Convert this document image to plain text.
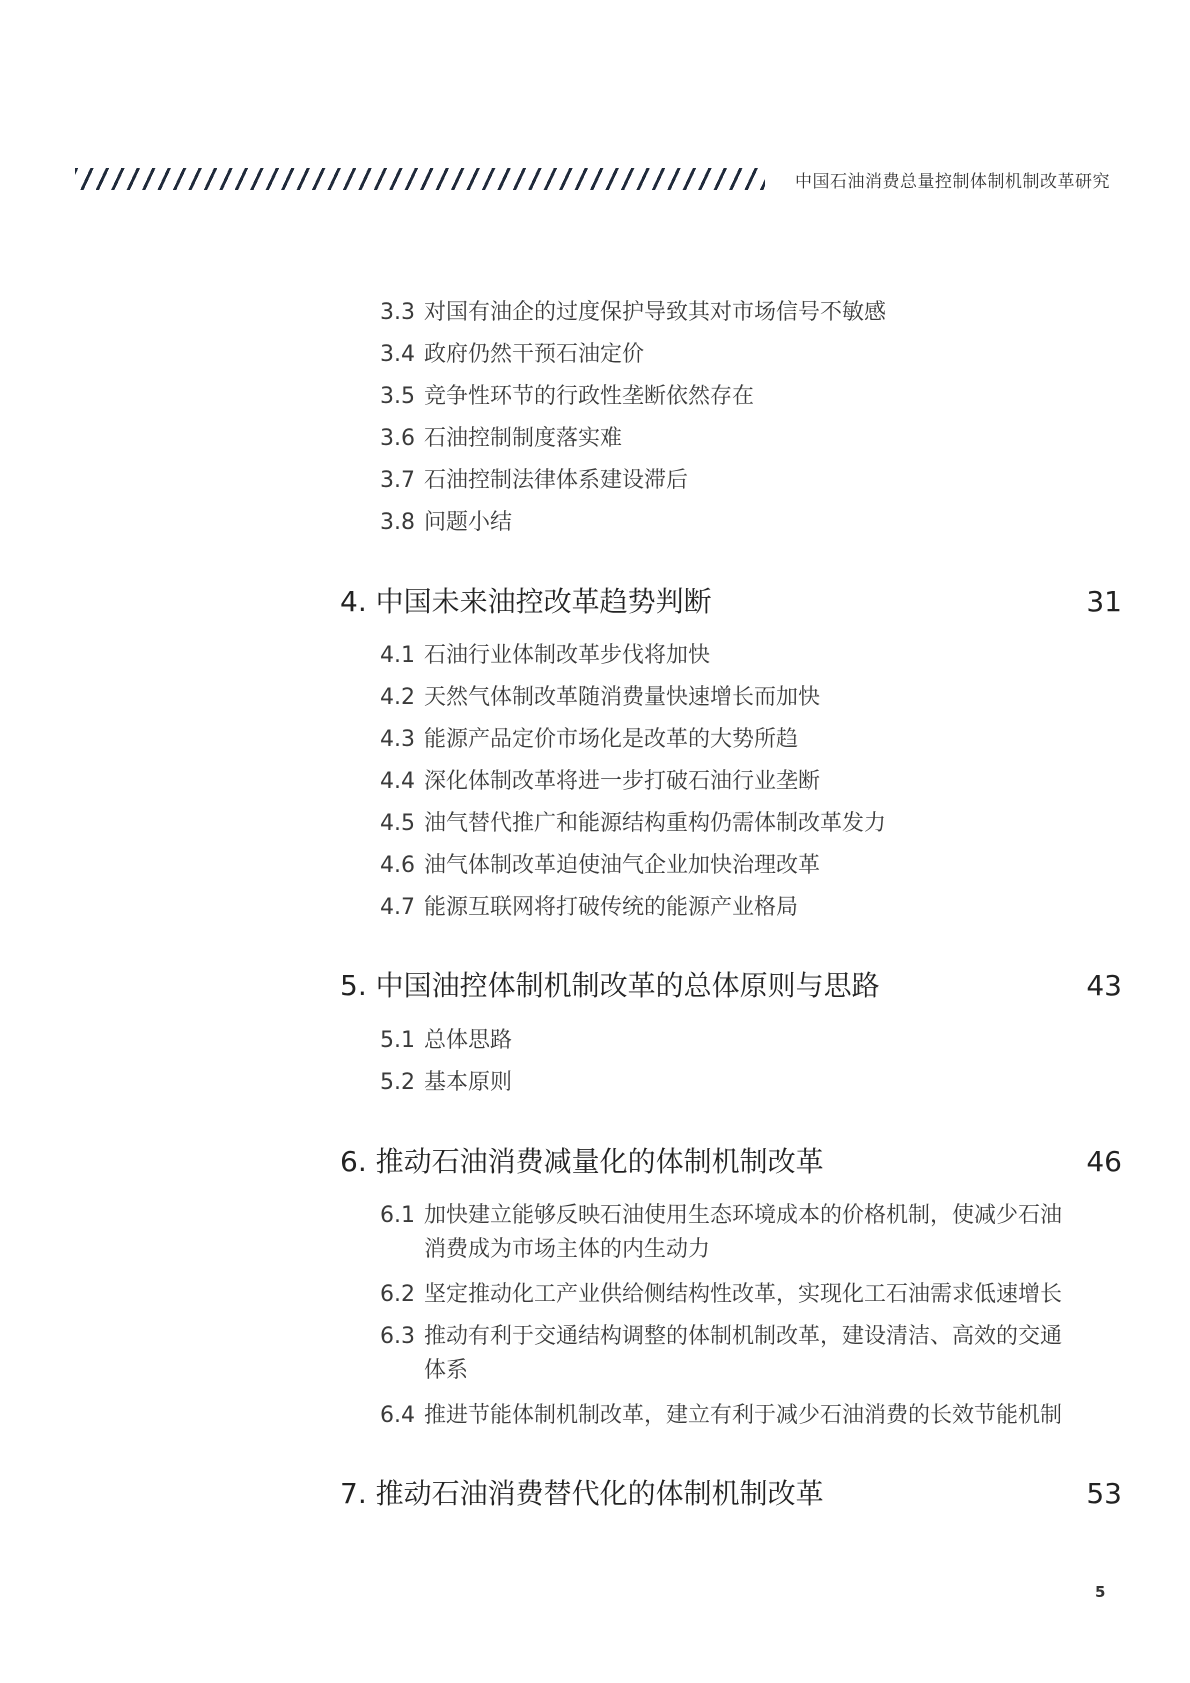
中国石油消费总量控制体制机制改革研究
3.3 对国有油企的过度保护导致其对市场信号不敏感
3.4 政府仍然干预石油定价
3.5 竞争性环节的行政性垄断依然存在
3.6 石油控制制度落实难
3.7 石油控制法律体系建设滞后
3.8 问题小结
4. 中国未来油控改革趋势判断	31
4.1 石油行业体制改革步伐将加快
4.2 天然气体制改革随消费量快速增长而加快
4.3 能源产品定价市场化是改革的大势所趋
4.4 深化体制改革将进一步打破石油行业垄断
4.5 油气替代推广和能源结构重构仍需体制改革发力
4.6 油气体制改革迫使油气企业加快治理改革
4.7 能源互联网将打破传统的能源产业格局
5. 中国油控体制机制改革的总体原则与思路	43
5.1 总体思路
5.2 基本原则
6. 推动石油消费减量化的体制机制改革	46
6.1 加快建立能够反映石油使用生态环境成本的价格机制，使减少石油
消费成为市场主体的内生动力
6.2 坚定推动化工产业供给侧结构性改革，实现化工石油需求低速增长
6.3 推动有利于交通结构调整的体制机制改革，建设清洁、高效的交通
体系
6.4 推进节能体制机制改革，建立有利于减少石油消费的长效节能机制
7. 推动石油消费替代化的体制机制改革	53
5
